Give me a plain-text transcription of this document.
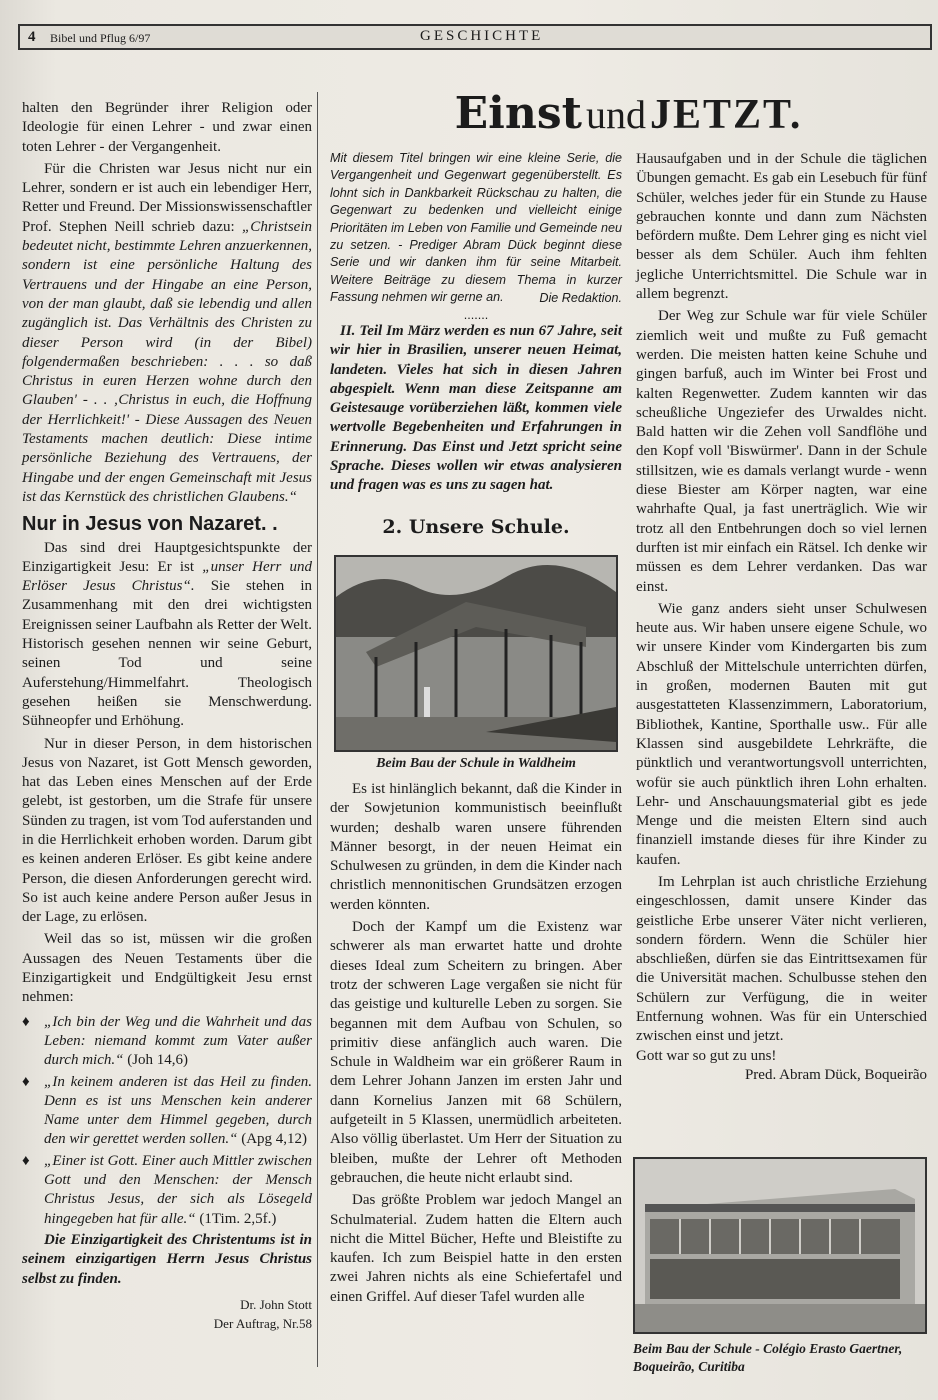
4 Bibel und Pflug 6/97	GESCHICHTE

halten den Begründer ihrer Religion oder Ideologie für einen Lehrer - und zwar einen toten Lehrer - der Vergangenheit.

Für die Christen war Jesus nicht nur ein Lehrer, sondern er ist auch ein lebendiger Herr, Retter und Freund. Der Missionswissenschaftler Prof. Stephen Neill schrieb dazu: „Christsein bedeutet nicht, bestimmte Lehren anzuerkennen, sondern ist eine persönliche Haltung des Vertrauens und der Hingabe an eine Person, von der man glaubt, daß sie lebendig und allen zugänglich ist. Das Verhältnis des Christen zu dieser Person wird (in der Bibel) folgendermaßen beschrieben: . . . so daß Christus in euren Herzen wohne durch den Glauben' - . . ‚Christus in euch, die Hoffnung der Herrlichkeit!' - Diese Aussagen des Neuen Testaments machen deutlich: Diese intime persönliche Beziehung des Vertrauens, der Hingabe und der engen Gemeinschaft mit Jesus ist das Kernstück des christlichen Glaubens.“

Nur in Jesus von Nazaret. .

Das sind drei Hauptgesichtspunkte der Einzigartigkeit Jesu: Er ist „unser Herr und Erlöser Jesus Christus“. Sie stehen in Zusammenhang mit den drei wichtigsten Ereignissen seiner Laufbahn als Retter der Welt. Historisch gesehen nennen wir seine Geburt, seinen Tod und seine Auferstehung/Himmelfahrt. Theologisch gesehen heißen sie Menschwerdung. Sühneopfer und Erhöhung.

Nur in dieser Person, in dem historischen Jesus von Nazaret, ist Gott Mensch geworden, hat das Leben eines Menschen auf der Erde gelebt, ist gestorben, um die Strafe für unsere Sünden zu tragen, ist vom Tod auferstanden und in die Herrlichkeit erhoben worden. Darum gibt es keinen anderen Erlöser. Es gibt keine andere Person, die diesen Anforderungen gerecht wird. So ist auch keine andere Person außer Jesus in der Lage, zu erlösen.

Weil das so ist, müssen wir die großen Aussagen des Neuen Testaments über die Einzigartigkeit und Endgültigkeit Jesu ernst nehmen:

♦ „Ich bin der Weg und die Wahrheit und das Leben: niemand kommt zum Vater außer durch mich.“ (Joh 14,6)

♦ „In keinem anderen ist das Heil zu finden. Denn es ist uns Menschen kein anderer Name unter dem Himmel gegeben, durch den wir gerettet werden sollen.“ (Apg 4,12)

♦ „Einer ist Gott. Einer auch Mittler zwischen Gott und den Menschen: der Mensch Christus Jesus, der sich als Lösegeld hingegeben hat für alle.“ (1Tim. 2,5f.)

Die Einzigartigkeit des Christentums ist in seinem einzigartigen Herrn Jesus Christus selbst zu finden.

Dr. John Stott

Der Auftrag, Nr.58

Einst und JETZT.

Mit diesem Titel bringen wir eine kleine Serie, die Vergangenheit und Gegenwart gegenüberstellt. Es lohnt sich in Dankbarkeit Rückschau zu halten, die Gegenwart zu bedenken und vielleicht einige Prioritäten im Leben von Familie und Gemeinde neu zu setzen. - Prediger Abram Dück beginnt diese Serie und wir danken ihm für seine Mitarbeit. Weitere Beiträge zu diesem Thema in kurzer Fassung nehmen wir gerne an.	Die Redaktion.

.......

II. Teil Im März werden es nun 67 Jahre, seit wir hier in Brasilien, unserer neuen Heimat, landeten. Vieles hat sich in diesen Jahren abgespielt. Wenn man diese Zeitspanne am Geistesauge vorüberziehen läßt, kommen viele wertvolle Begebenheiten und Erfahrungen in Erinnerung. Das Einst und Jetzt spricht seine Sprache. Dieses wollen wir etwas analysieren und fragen was es uns zu sagen hat.
2. Unsere Schule.
Beim Bau der Schule in Waldheim

Es ist hinlänglich bekannt, daß die Kinder in der Sowjetunion kommunistisch beeinflußt wurden; deshalb waren unsere führenden Männer besorgt, in der neuen Heimat ein Schulwesen zu gründen, in dem die Kinder nach christlich mennonitischen Grundsätzen erzogen werden könnten.

Doch der Kampf um die Existenz war schwerer als man erwartet hatte und drohte dieses Ideal zum Scheitern zu bringen. Aber trotz der schweren Lage vergaßen sie nicht für das geistige und kulturelle Leben zu sorgen. Sie begannen mit dem Aufbau von Schulen, so primitiv diese anfänglich auch waren. Die Schule in Waldheim war ein größerer Raum in dem Lehrer Johann Janzen im ersten Jahr und dann Kornelius Janzen mit 68 Schülern, aufgeteilt in 5 Klassen, unermüdlich arbeiteten. Also völlig überlastet. Um Herr der Situation zu bleiben, mußte der Lehrer oft Methoden gebrauchen, die heute nicht erlaubt sind.

Das größte Problem war jedoch Mangel an Schulmaterial. Zudem hatten die Eltern auch nicht die Mittel Bücher, Hefte und Bleistifte zu kaufen. Ich zum Beispiel hatte in den ersten zwei Jahren nichts als eine Schiefertafel und einen Griffel. Auf dieser Tafel wurden alle

Hausaufgaben und in der Schule die täglichen Übungen gemacht. Es gab ein Lesebuch für fünf Schüler, welches jeder für ein Stunde zu Hause gebrauchen konnte und dann zum Nächsten befördern mußte. Dem Lehrer ging es nicht viel besser als dem Schüler. Auch ihm fehlten jegliche Unterrichtsmittel. Die Schule war in allem begrenzt.

Der Weg zur Schule war für viele Schüler ziemlich weit und mußte zu Fuß gemacht werden. Die meisten hatten keine Schuhe und gingen barfuß, auch im Winter bei Frost und kalten Regenwetter. Zudem kannten wir das scheußliche Ungeziefer des Urwaldes nicht. Bald hatten wir die Zehen voll Sandflöhe und den Kopf voll 'Biswürmer'. Dann in der Schule stillsitzen, wie es damals verlangt wurde - wenn diese Biester am Körper nagten, war eine wahrhafte Qual, ja fast unerträglich. Wie wir trotz all den Entbehrungen doch so viel lernen durften ist mir einfach ein Rätsel. Ich denke wir müssen es dem Lehrer verdanken. Das war einst.

Wie ganz anders sieht unser Schulwesen heute aus. Wir haben unsere eigene Schule, wo wir unsere Kinder vom Kindergarten bis zum Abschluß der Mittelschule unterrichten dürfen, in großen, modernen Bauten mit gut ausgestatteten Klassenzimmern, Laboratorium, Bibliothek, Kantine, Sporthalle usw.. Für alle Klassen sind ausgebildete Lehrkräfte, die pünktlich und verantwortungsvoll unterrichten, wofür sie auch pünktlich ihren Lohn erhalten. Lehr- und Anschauungsmaterial gibt es jede Menge und die meisten Eltern sind auch finanziell imstande dieses für ihre Kinder zu kaufen.

Im Lehrplan ist auch christliche Erziehung eingeschlossen, damit unsere Kinder das geistliche Erbe unserer Väter nicht verlieren, sondern fördern. Wenn die Schüler hier abschließen, dürfen sie das Eintrittsexamen für die Universität machen. Schulbusse stehen den Schülern zur Verfügung, die in weiter Entfernung wohnen. Was für ein Unterschied zwischen einst und jetzt.

Gott war so gut zu uns!

Pred. Abram Dück, Boqueirão

Beim Bau der Schule - Colégio Erasto Gaertner, Boqueirão, Curitiba
